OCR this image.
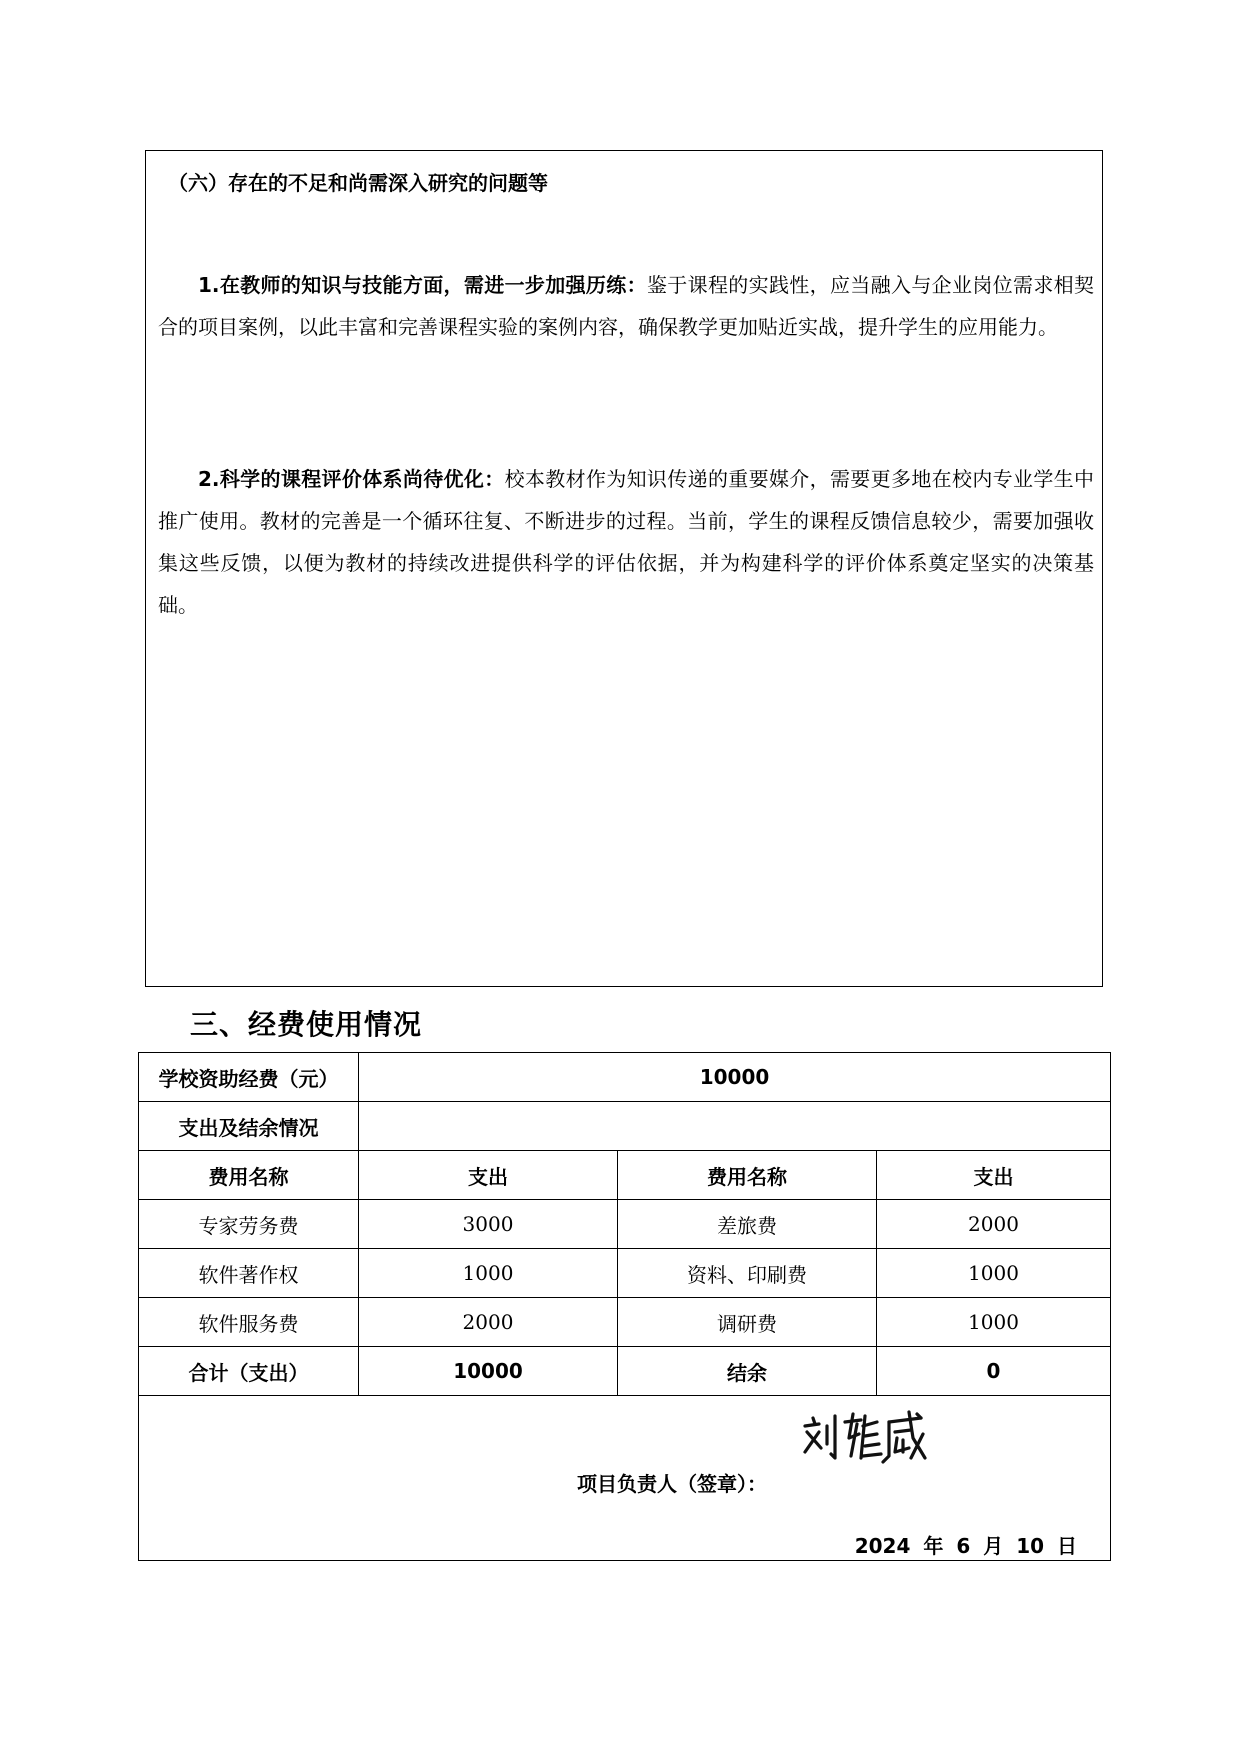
（六）存在的不足和尚需深入研究的问题等
1.在教师的知识与技能方面，需进一步加强历练：鉴于课程的实践性，应当融入与企业岗位需求相契合的项目案例，以此丰富和完善课程实验的案例内容，确保教学更加贴近实战，提升学生的应用能力。
2.科学的课程评价体系尚待优化：校本教材作为知识传递的重要媒介，需要更多地在校内专业学生中推广使用。教材的完善是一个循环往复、不断进步的过程。当前，学生的课程反馈信息较少，需要加强收集这些反馈，以便为教材的持续改进提供科学的评估依据，并为构建科学的评价体系奠定坚实的决策基础。
三、经费使用情况
学校资助经费（元）	10000		
支出及结余情况			
费用名称	支出	费用名称	支出
专家劳务费	3000	差旅费	2000
软件著作权	1000	资料、印刷费	1000
软件服务费	2000	调研费	1000
合计（支出）	10000	结余	0

项目负责人（签章）：
2024 年 6 月 10 日			
